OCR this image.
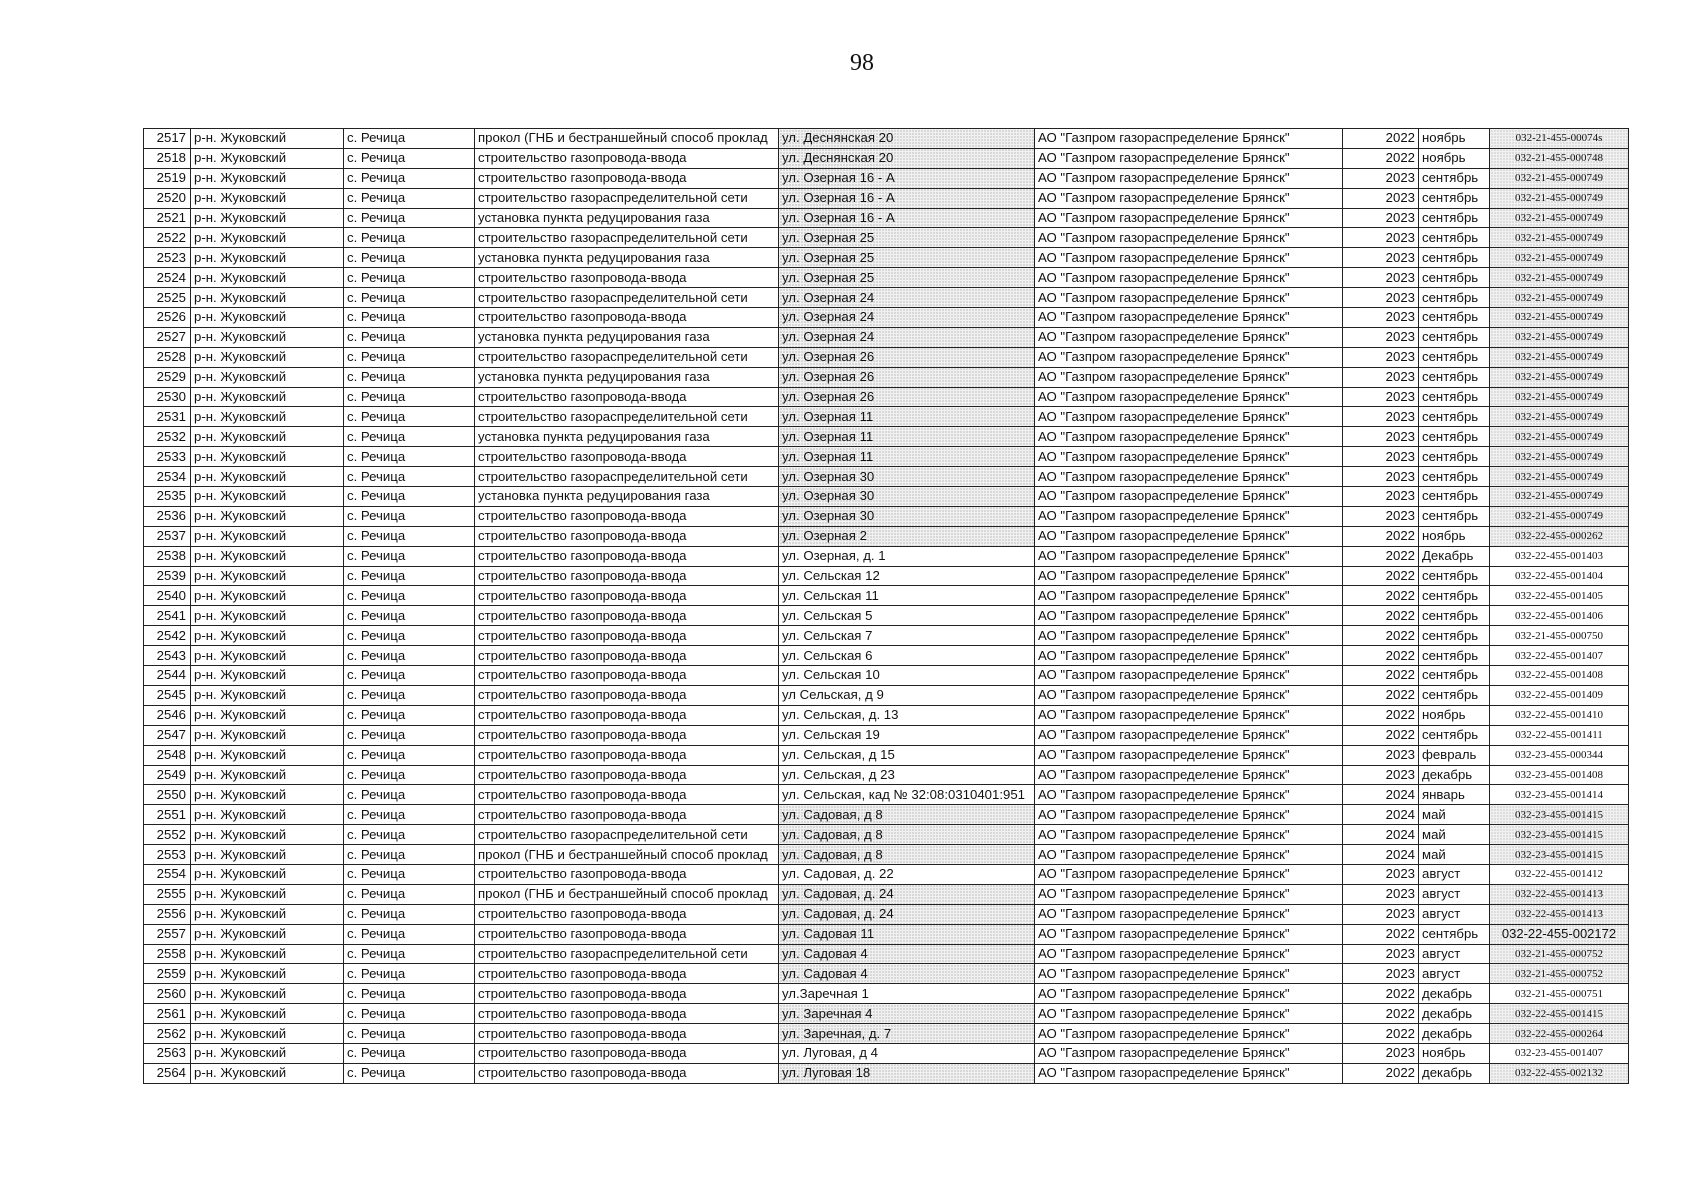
98
2517	р-н. Жуковский	с. Речица	прокол (ГНБ и бестраншейный способ проклад	ул. Деснянская 20	АО "Газпром газораспределение Брянск"	2022	ноябрь	032-21-455-00074s
2518	р-н. Жуковский	с. Речица	строительство газопровода-ввода	ул. Деснянская 20	АО "Газпром газораспределение Брянск"	2022	ноябрь	032-21-455-000748
2519	р-н. Жуковский	с. Речица	строительство газопровода-ввода	ул. Озерная 16 - А	АО "Газпром газораспределение Брянск"	2023	сентябрь	032-21-455-000749
2520	р-н. Жуковский	с. Речица	строительство газораспределительной сети	ул. Озерная 16 - А	АО "Газпром газораспределение Брянск"	2023	сентябрь	032-21-455-000749
2521	р-н. Жуковский	с. Речица	установка пункта редуцирования газа	ул. Озерная 16 - А	АО "Газпром газораспределение Брянск"	2023	сентябрь	032-21-455-000749
2522	р-н. Жуковский	с. Речица	строительство газораспределительной сети	ул. Озерная 25	АО "Газпром газораспределение Брянск"	2023	сентябрь	032-21-455-000749
2523	р-н. Жуковский	с. Речица	установка пункта редуцирования газа	ул. Озерная 25	АО "Газпром газораспределение Брянск"	2023	сентябрь	032-21-455-000749
2524	р-н. Жуковский	с. Речица	строительство газопровода-ввода	ул. Озерная 25	АО "Газпром газораспределение Брянск"	2023	сентябрь	032-21-455-000749
2525	р-н. Жуковский	с. Речица	строительство газораспределительной сети	ул. Озерная 24	АО "Газпром газораспределение Брянск"	2023	сентябрь	032-21-455-000749
2526	р-н. Жуковский	с. Речица	строительство газопровода-ввода	ул. Озерная 24	АО "Газпром газораспределение Брянск"	2023	сентябрь	032-21-455-000749
2527	р-н. Жуковский	с. Речица	установка пункта редуцирования газа	ул. Озерная 24	АО "Газпром газораспределение Брянск"	2023	сентябрь	032-21-455-000749
2528	р-н. Жуковский	с. Речица	строительство газораспределительной сети	ул. Озерная 26	АО "Газпром газораспределение Брянск"	2023	сентябрь	032-21-455-000749
2529	р-н. Жуковский	с. Речица	установка пункта редуцирования газа	ул. Озерная 26	АО "Газпром газораспределение Брянск"	2023	сентябрь	032-21-455-000749
2530	р-н. Жуковский	с. Речица	строительство газопровода-ввода	ул. Озерная 26	АО "Газпром газораспределение Брянск"	2023	сентябрь	032-21-455-000749
2531	р-н. Жуковский	с. Речица	строительство газораспределительной сети	ул. Озерная 11	АО "Газпром газораспределение Брянск"	2023	сентябрь	032-21-455-000749
2532	р-н. Жуковский	с. Речица	установка пункта редуцирования газа	ул. Озерная 11	АО "Газпром газораспределение Брянск"	2023	сентябрь	032-21-455-000749
2533	р-н. Жуковский	с. Речица	строительство газопровода-ввода	ул. Озерная 11	АО "Газпром газораспределение Брянск"	2023	сентябрь	032-21-455-000749
2534	р-н. Жуковский	с. Речица	строительство газораспределительной сети	ул. Озерная 30	АО "Газпром газораспределение Брянск"	2023	сентябрь	032-21-455-000749
2535	р-н. Жуковский	с. Речица	установка пункта редуцирования газа	ул. Озерная 30	АО "Газпром газораспределение Брянск"	2023	сентябрь	032-21-455-000749
2536	р-н. Жуковский	с. Речица	строительство газопровода-ввода	ул. Озерная 30	АО "Газпром газораспределение Брянск"	2023	сентябрь	032-21-455-000749
2537	р-н. Жуковский	с. Речица	строительство газопровода-ввода	ул. Озерная 2	АО "Газпром газораспределение Брянск"	2022	ноябрь	032-22-455-000262
2538	р-н. Жуковский	с. Речица	строительство газопровода-ввода	ул. Озерная, д. 1	АО "Газпром газораспределение Брянск"	2022	Декабрь	032-22-455-001403
2539	р-н. Жуковский	с. Речица	строительство газопровода-ввода	ул. Сельская 12	АО "Газпром газораспределение Брянск"	2022	сентябрь	032-22-455-001404
2540	р-н. Жуковский	с. Речица	строительство газопровода-ввода	ул. Сельская 11	АО "Газпром газораспределение Брянск"	2022	сентябрь	032-22-455-001405
2541	р-н. Жуковский	с. Речица	строительство газопровода-ввода	ул. Сельская 5	АО "Газпром газораспределение Брянск"	2022	сентябрь	032-22-455-001406
2542	р-н. Жуковский	с. Речица	строительство газопровода-ввода	ул. Сельская 7	АО "Газпром газораспределение Брянск"	2022	сентябрь	032-21-455-000750
2543	р-н. Жуковский	с. Речица	строительство газопровода-ввода	ул. Сельская 6	АО "Газпром газораспределение Брянск"	2022	сентябрь	032-22-455-001407
2544	р-н. Жуковский	с. Речица	строительство газопровода-ввода	ул. Сельская 10	АО "Газпром газораспределение Брянск"	2022	сентябрь	032-22-455-001408
2545	р-н. Жуковский	с. Речица	строительство газопровода-ввода	ул Сельская, д 9	АО "Газпром газораспределение Брянск"	2022	сентябрь	032-22-455-001409
2546	р-н. Жуковский	с. Речица	строительство газопровода-ввода	ул. Сельская, д. 13	АО "Газпром газораспределение Брянск"	2022	ноябрь	032-22-455-001410
2547	р-н. Жуковский	с. Речица	строительство газопровода-ввода	ул. Сельская 19	АО "Газпром газораспределение Брянск"	2022	сентябрь	032-22-455-001411
2548	р-н. Жуковский	с. Речица	строительство газопровода-ввода	ул. Сельская, д 15	АО "Газпром газораспределение Брянск"	2023	февраль	032-23-455-000344
2549	р-н. Жуковский	с. Речица	строительство газопровода-ввода	ул. Сельская, д 23	АО "Газпром газораспределение Брянск"	2023	декабрь	032-23-455-001408
2550	р-н. Жуковский	с. Речица	строительство газопровода-ввода	ул. Сельская, кад № 32:08:0310401:951	АО "Газпром газораспределение Брянск"	2024	январь	032-23-455-001414
2551	р-н. Жуковский	с. Речица	строительство газопровода-ввода	ул. Садовая, д 8	АО "Газпром газораспределение Брянск"	2024	май	032-23-455-001415
2552	р-н. Жуковский	с. Речица	строительство газораспределительной сети	ул. Садовая, д 8	АО "Газпром газораспределение Брянск"	2024	май	032-23-455-001415
2553	р-н. Жуковский	с. Речица	прокол (ГНБ и бестраншейный способ проклад	ул. Садовая, д 8	АО "Газпром газораспределение Брянск"	2024	май	032-23-455-001415
2554	р-н. Жуковский	с. Речица	строительство газопровода-ввода	ул. Садовая, д. 22	АО "Газпром газораспределение Брянск"	2023	август	032-22-455-001412
2555	р-н. Жуковский	с. Речица	прокол (ГНБ и бестраншейный способ проклад	ул. Садовая, д. 24	АО "Газпром газораспределение Брянск"	2023	август	032-22-455-001413
2556	р-н. Жуковский	с. Речица	строительство газопровода-ввода	ул. Садовая, д. 24	АО "Газпром газораспределение Брянск"	2023	август	032-22-455-001413
2557	р-н. Жуковский	с. Речица	строительство газопровода-ввода	ул. Садовая 11	АО "Газпром газораспределение Брянск"	2022	сентябрь	032-22-455-002172
2558	р-н. Жуковский	с. Речица	строительство газораспределительной сети	ул. Садовая 4	АО "Газпром газораспределение Брянск"	2023	август	032-21-455-000752
2559	р-н. Жуковский	с. Речица	строительство газопровода-ввода	ул. Садовая 4	АО "Газпром газораспределение Брянск"	2023	август	032-21-455-000752
2560	р-н. Жуковский	с. Речица	строительство газопровода-ввода	ул.Заречная 1	АО "Газпром газораспределение Брянск"	2022	декабрь	032-21-455-000751
2561	р-н. Жуковский	с. Речица	строительство газопровода-ввода	ул. Заречная 4	АО "Газпром газораспределение Брянск"	2022	декабрь	032-22-455-001415
2562	р-н. Жуковский	с. Речица	строительство газопровода-ввода	ул. Заречная, д. 7	АО "Газпром газораспределение Брянск"	2022	декабрь	032-22-455-000264
2563	р-н. Жуковский	с. Речица	строительство газопровода-ввода	ул. Луговая, д 4	АО "Газпром газораспределение Брянск"	2023	ноябрь	032-23-455-001407
2564	р-н. Жуковский	с. Речица	строительство газопровода-ввода	ул. Луговая 18	АО "Газпром газораспределение Брянск"	2022	декабрь	032-22-455-002132
